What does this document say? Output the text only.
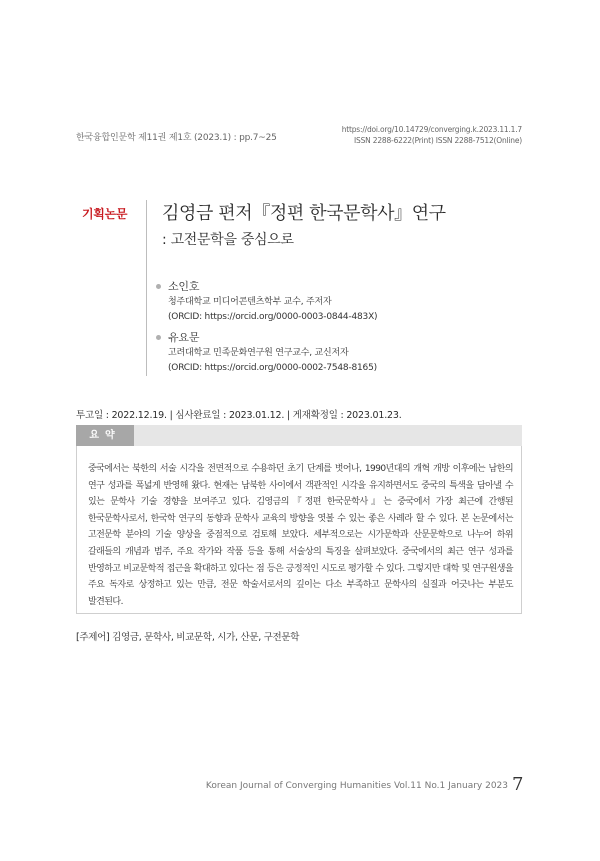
한국융합인문학 제11권 제1호 (2023.1) : pp.7~25
https://doi.org/10.14729/converging.k.2023.11.1.7
ISSN 2288-6222(Print) ISSN 2288-7512(Online)
기획논문 김영금 편저『정편 한국문학사』연구
: 고전문학을 중심으로
소인호
청주대학교 미디어콘텐츠학부 교수, 주저자
(ORCID: https://orcid.org/0000-0003-0844-483X)
유요문
고려대학교 민족문화연구원 연구교수, 교신저자
(ORCID: https://orcid.org/0000-0002-7548-8165)
투고일 : 2022.12.19. | 심사완료일 : 2023.01.12. | 게재확정일 : 2023.01.23.
요약
중국에서는 북한의 서술 시각을 전면적으로 수용하던 초기 단계를 벗어나, 1990년대의 개혁 개방 이후에는 남한의 연구 성과를 폭넓게 반영해 왔다. 현재는 남북한 사이에서 객관적인 시각을 유지하면서도 중국의 특색을 담아낼 수 있는 문학사 기술 경향을 보여주고 있다. 김영금의『정편 한국문학사』는 중국에서 가장 최근에 간행된 한국문학사로서, 한국학 연구의 동향과 문학사 교육의 방향을 엿볼 수 있는 좋은 사례라 할 수 있다. 본 논문에서는 고전문학 분야의 기술 양상을 중점적으로 검토해 보았다. 세부적으로는 시가문학과 산문문학으로 나누어 하위 갈래들의 개념과 범주, 주요 작가와 작품 등을 통해 서술상의 특징을 살펴보았다. 중국에서의 최근 연구 성과를 반영하고 비교문학적 접근을 확대하고 있다는 점 등은 긍정적인 시도로 평가할 수 있다. 그렇지만 대학 및 연구원생을 주요 독자로 상정하고 있는 만큼, 전문 학술서로서의 깊이는 다소 부족하고 문학사의 실질과 어긋나는 부분도 발견된다.
[주제어] 김영금, 문학사, 비교문학, 시가, 산문, 구전문학
Korean Journal of Converging Humanities Vol.11 No.1 January 2023 7
